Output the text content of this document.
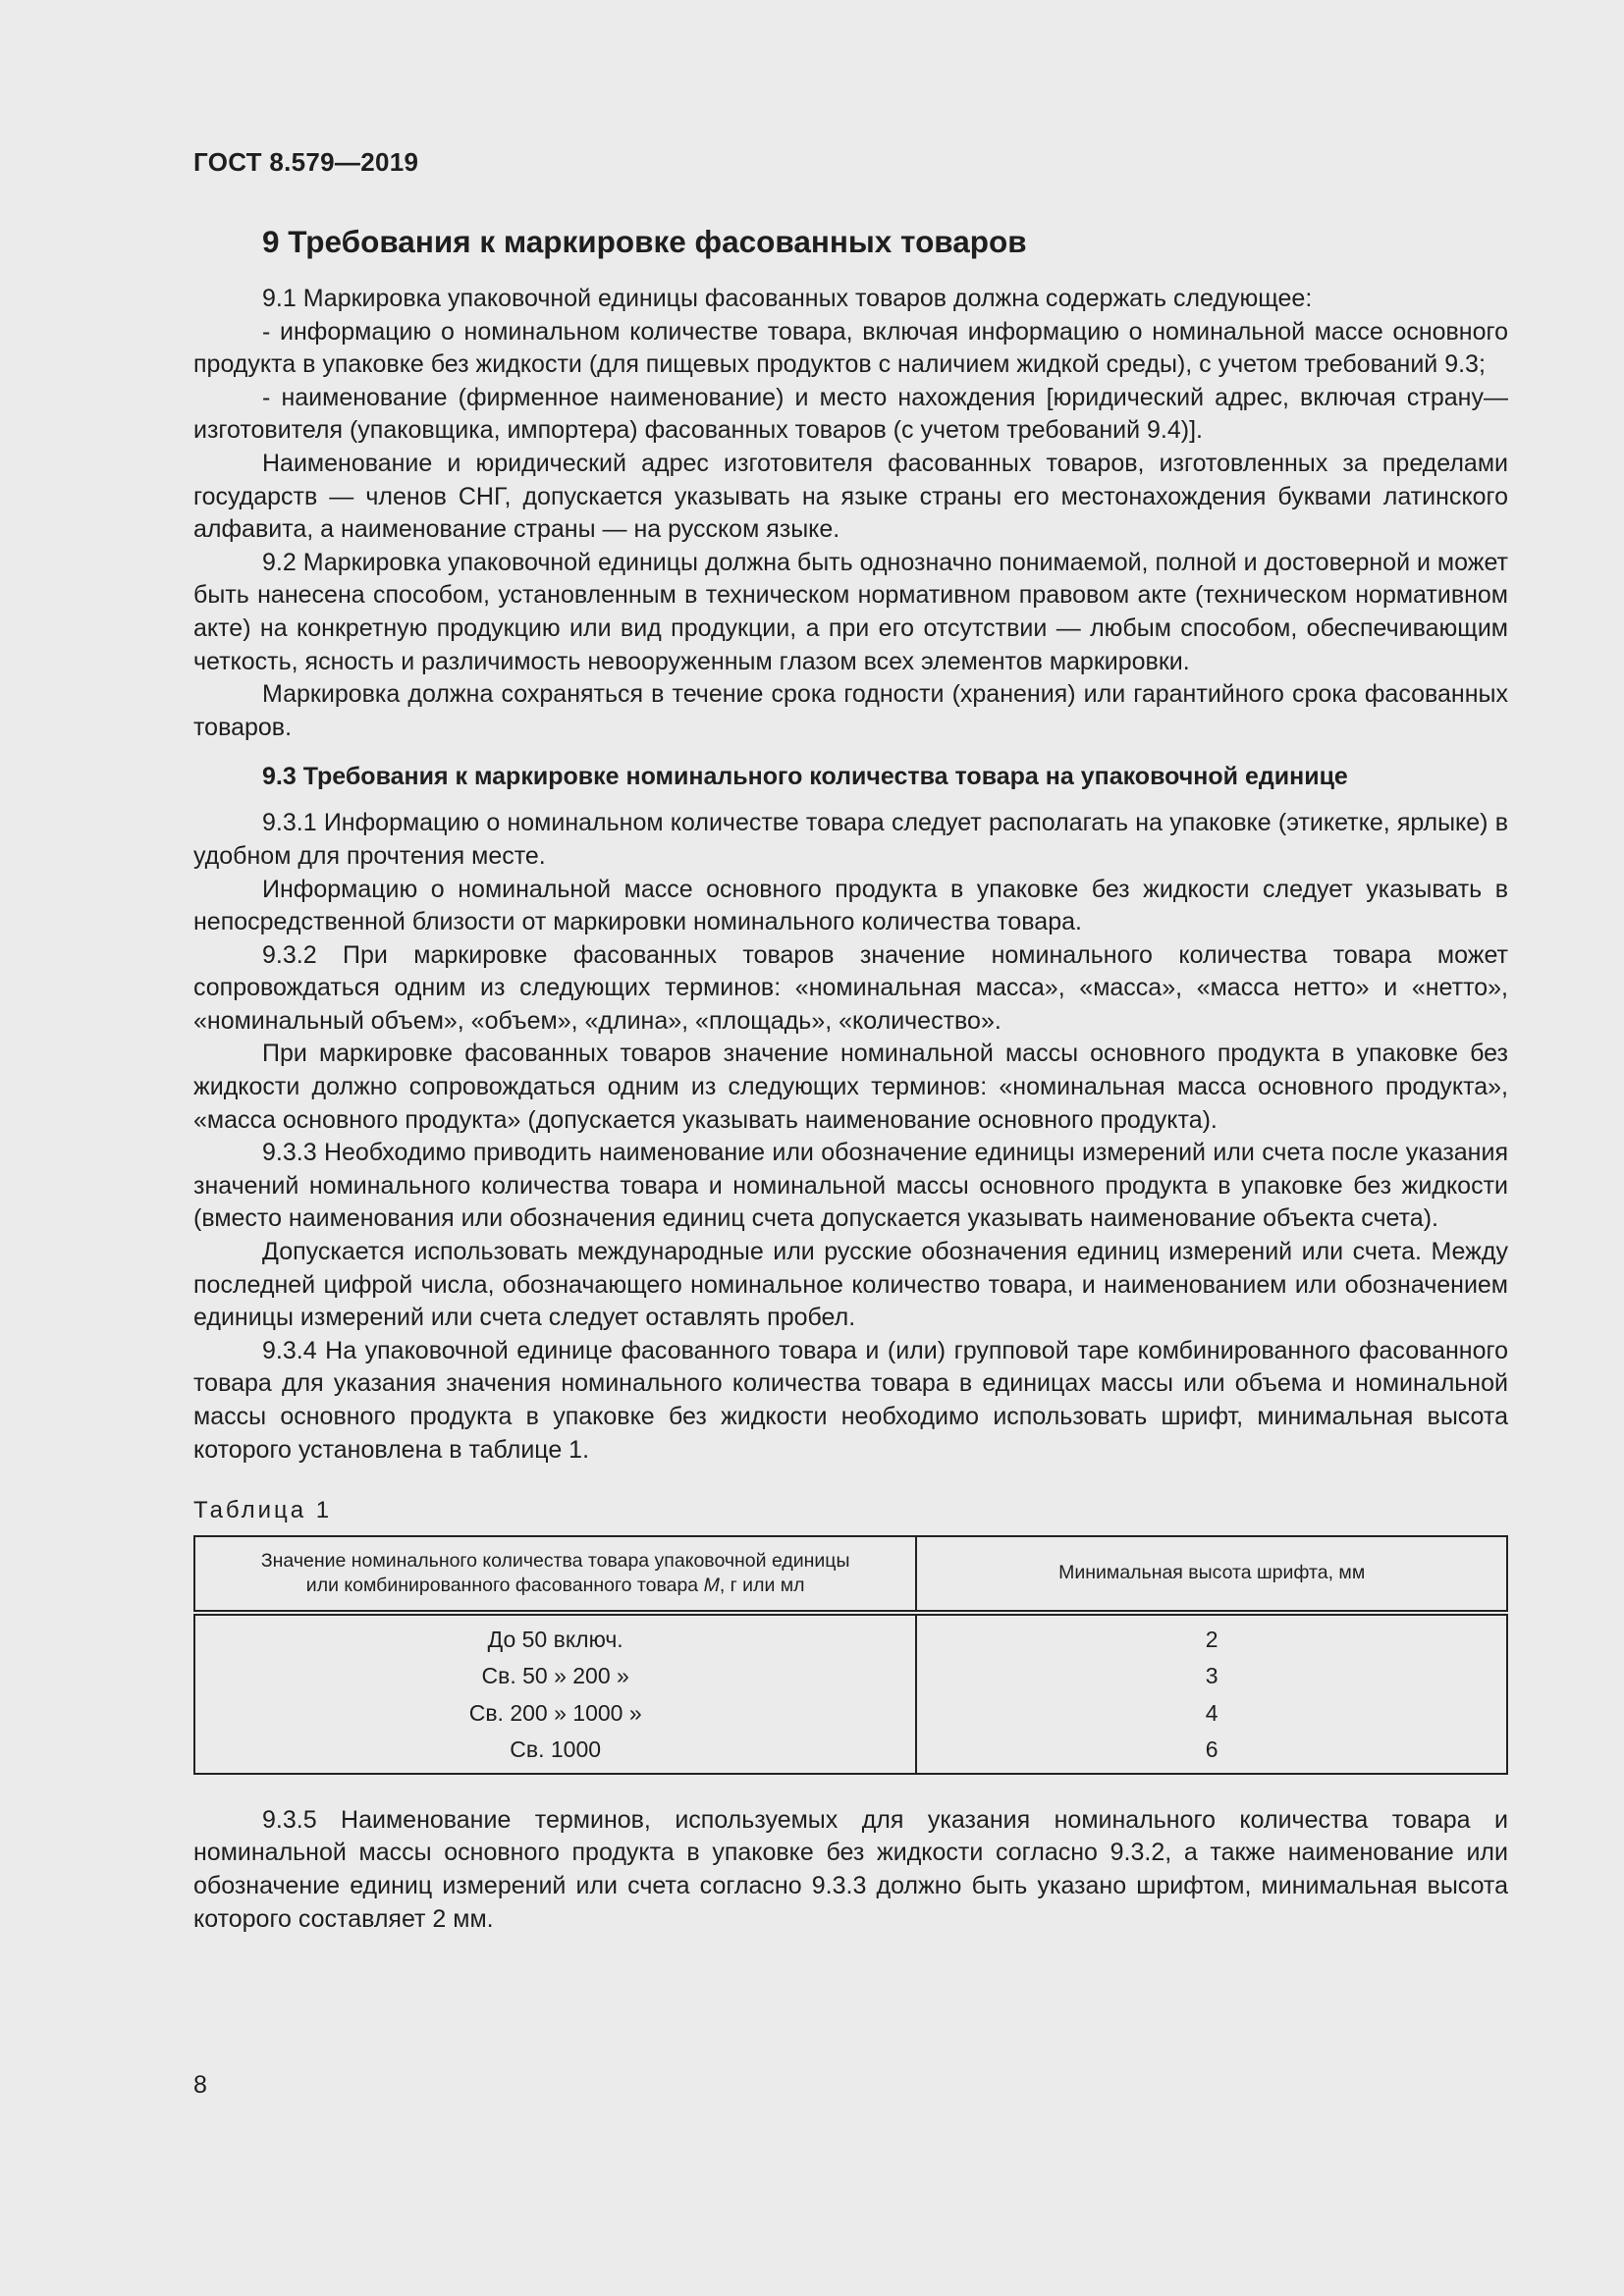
ГОСТ 8.579—2019
9 Требования к маркировке фасованных товаров

9.1 Маркировка упаковочной единицы фасованных товаров должна содержать следующее:

- информацию о номинальном количестве товара, включая информацию о номинальной массе основного продукта в упаковке без жидкости (для пищевых продуктов с наличием жидкой среды), с учетом требований 9.3;

- наименование (фирменное наименование) и место нахождения [юридический адрес, включая страну—изготовителя (упаковщика, импортера) фасованных товаров (с учетом требований 9.4)].

Наименование и юридический адрес изготовителя фасованных товаров, изготовленных за пределами государств — членов СНГ, допускается указывать на языке страны его местонахождения буквами латинского алфавита, а наименование страны — на русском языке.

9.2 Маркировка упаковочной единицы должна быть однозначно понимаемой, полной и достоверной и может быть нанесена способом, установленным в техническом нормативном правовом акте (техническом нормативном акте) на конкретную продукцию или вид продукции, а при его отсутствии — любым способом, обеспечивающим четкость, ясность и различимость невооруженным глазом всех элементов маркировки.

Маркировка должна сохраняться в течение срока годности (хранения) или гарантийного срока фасованных товаров.

9.3 Требования к маркировке номинального количества товара на упаковочной единице

9.3.1 Информацию о номинальном количестве товара следует располагать на упаковке (этикетке, ярлыке) в удобном для прочтения месте.

Информацию о номинальной массе основного продукта в упаковке без жидкости следует указывать в непосредственной близости от маркировки номинального количества товара.

9.3.2 При маркировке фасованных товаров значение номинального количества товара может сопровождаться одним из следующих терминов: «номинальная масса», «масса», «масса нетто» и «нетто», «номинальный объем», «объем», «длина», «площадь», «количество».

При маркировке фасованных товаров значение номинальной массы основного продукта в упаковке без жидкости должно сопровождаться одним из следующих терминов: «номинальная масса основного продукта», «масса основного продукта» (допускается указывать наименование основного продукта).

9.3.3 Необходимо приводить наименование или обозначение единицы измерений или счета после указания значений номинального количества товара и номинальной массы основного продукта в упаковке без жидкости (вместо наименования или обозначения единиц счета допускается указывать наименование объекта счета).

Допускается использовать международные или русские обозначения единиц измерений или счета. Между последней цифрой числа, обозначающего номинальное количество товара, и наименованием или обозначением единицы измерений или счета следует оставлять пробел.

9.3.4 На упаковочной единице фасованного товара и (или) групповой таре комбинированного фасованного товара для указания значения номинального количества товара в единицах массы или объема и номинальной массы основного продукта в упаковке без жидкости необходимо использовать шрифт, минимальная высота которого установлена в таблице 1.

Таблица 1
Значение номинального количества товара упаковочной единицы
или комбинированного фасованного товара M, г или мл	Минимальная высота шрифта, мм
До 50 включ.	2
Св. 50 » 200 »	3
Св. 200 » 1000 »	4
Св. 1000	6

9.3.5 Наименование терминов, используемых для указания номинального количества товара и номинальной массы основного продукта в упаковке без жидкости согласно 9.3.2, а также наименование или обозначение единиц измерений или счета согласно 9.3.3 должно быть указано шрифтом, минимальная высота которого составляет 2 мм.

8
